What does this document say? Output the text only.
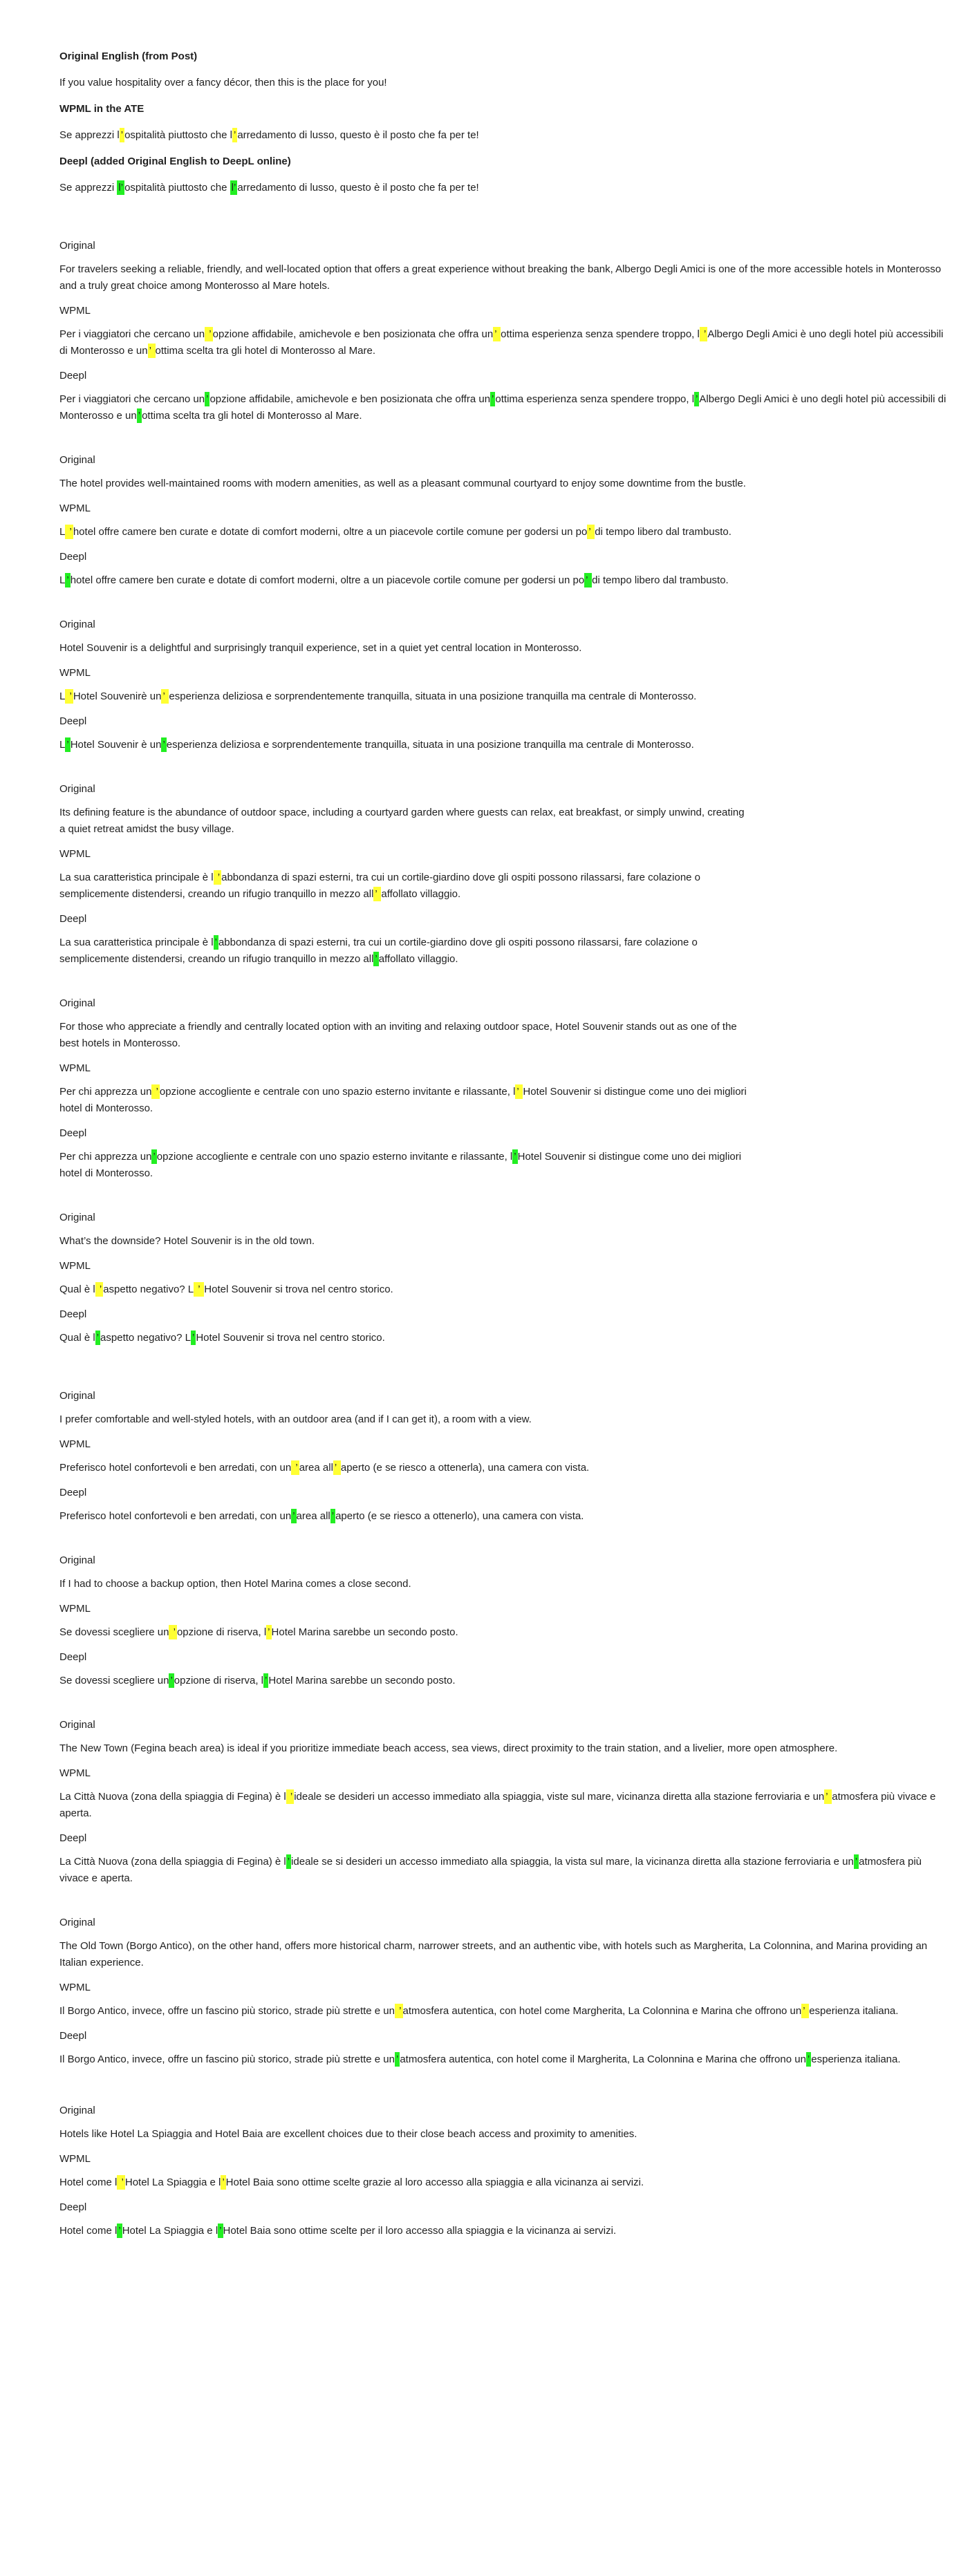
Original English (from Post)

If you value hospitality over a fancy décor, then this is the place for you!

WPML in the ATE

Se apprezzi l ’ ospitalità piuttosto che l ’ arredamento di lusso, questo è il posto che fa per te!

Deepl (added Original English to DeepL online)

Se apprezzi l’ ospitalità piuttosto che l’ arredamento di lusso, questo è il posto che fa per te!

Original

For travelers seeking a reliable, friendly, and well-located option that offers a great experience without breaking the bank, Albergo Degli Amici is one of the more accessible hotels in Monterosso and a truly great choice among Monterosso al Mare hotels.

WPML

Per i viaggiatori che cercano un ’ opzione affidabile, amichevole e ben posizionata che offra un ’ ottima esperienza senza spendere troppo, l ’ Albergo Degli Amici è uno degli hotel più accessibili di Monterosso e un ’ ottima scelta tra gli hotel di Monterosso al Mare.

Deepl

Per i viaggiatori che cercano un ’ opzione affidabile, amichevole e ben posizionata che offra un ’ ottima esperienza senza spendere troppo, l ’ Albergo Degli Amici è uno degli hotel più accessibili di Monterosso e un ’ ottima scelta tra gli hotel di Monterosso al Mare.

Original

The hotel provides well-maintained rooms with modern amenities, as well as a pleasant communal courtyard to enjoy some downtime from the bustle.

WPML

L ’ hotel offre camere ben curate e dotate di comfort moderni, oltre a un piacevole cortile comune per godersi un po ’ di tempo libero dal trambusto.

Deepl

L ’ hotel offre camere ben curate e dotate di comfort moderni, oltre a un piacevole cortile comune per godersi un po ’ di tempo libero dal trambusto.

Original

Hotel Souvenir is a delightful and surprisingly tranquil experience, set in a quiet yet central location in Monterosso.

WPML

L ’ Hotel Souvenirè un ’ esperienza deliziosa e sorprendentemente tranquilla, situata in una posizione tranquilla ma centrale di Monterosso.

Deepl

L ’ Hotel Souvenir è un ’ esperienza deliziosa e sorprendentemente tranquilla, situata in una posizione tranquilla ma centrale di Monterosso.

Original

Its defining feature is the abundance of outdoor space, including a courtyard garden where guests can relax, eat breakfast, or simply unwind, creating a quiet retreat amidst the busy village.

WPML

La sua caratteristica principale è l ’ abbondanza di spazi esterni, tra cui un cortile-giardino dove gli ospiti possono rilassarsi, fare colazione o semplicemente distendersi, creando un rifugio tranquillo in mezzo all ’ affollato villaggio.

Deepl

La sua caratteristica principale è l ’ abbondanza di spazi esterni, tra cui un cortile-giardino dove gli ospiti possono rilassarsi, fare colazione o semplicemente distendersi, creando un rifugio tranquillo in mezzo all ’ affollato villaggio.

Original

For those who appreciate a friendly and centrally located option with an inviting and relaxing outdoor space, Hotel Souvenir stands out as one of the best hotels in Monterosso.

WPML

Per chi apprezza un ’ opzione accogliente e centrale con uno spazio esterno invitante e rilassante, l ’ Hotel Souvenir si distingue come uno dei migliori hotel di Monterosso.

Deepl

Per chi apprezza un ’ opzione accogliente e centrale con uno spazio esterno invitante e rilassante, l ’ Hotel Souvenir si distingue come uno dei migliori hotel di Monterosso.

Original

What’s the downside? Hotel Souvenir is in the old town.

WPML

Qual è l ’ aspetto negativo? L ’ Hotel Souvenir si trova nel centro storico.

Deepl

Qual è l ’ aspetto negativo? L ’ Hotel Souvenir si trova nel centro storico.

Original

I prefer comfortable and well-styled hotels, with an outdoor area (and if I can get it), a room with a view.

WPML

Preferisco hotel confortevoli e ben arredati, con un ’ area all ’ aperto (e se riesco a ottenerla), una camera con vista.

Deepl

Preferisco hotel confortevoli e ben arredati, con un ’ area all ’ aperto (e se riesco a ottenerlo), una camera con vista.

Original

If I had to choose a backup option, then Hotel Marina comes a close second.

WPML

Se dovessi scegliere un ’ opzione di riserva, l ’ Hotel Marina sarebbe un secondo posto.

Deepl

Se dovessi scegliere un ’ opzione di riserva, l ’ Hotel Marina sarebbe un secondo posto.

Original

The New Town (Fegina beach area) is ideal if you prioritize immediate beach access, sea views, direct proximity to the train station, and a livelier, more open atmosphere.

WPML

La Città Nuova (zona della spiaggia di Fegina) è l ’ ideale se desideri un accesso immediato alla spiaggia, viste sul mare, vicinanza diretta alla stazione ferroviaria e un ’ atmosfera più vivace e aperta.

Deepl

La Città Nuova (zona della spiaggia di Fegina) è l ’ ideale se si desideri un accesso immediato alla spiaggia, la vista sul mare, la vicinanza diretta alla stazione ferroviaria e un ’ atmosfera più vivace e aperta.

Original

The Old Town (Borgo Antico), on the other hand, offers more historical charm, narrower streets, and an authentic vibe, with hotels such as Margherita, La Colonnina, and Marina providing an Italian experience.

WPML

Il Borgo Antico, invece, offre un fascino più storico, strade più strette e un ’ atmosfera autentica, con hotel come Margherita, La Colonnina e Marina che offrono un ’ esperienza italiana.

Deepl

Il Borgo Antico, invece, offre un fascino più storico, strade più strette e un ’ atmosfera autentica, con hotel come il Margherita, La Colonnina e Marina che offrono un ’ esperienza italiana.

Original

Hotels like Hotel La Spiaggia and Hotel Baia are excellent choices due to their close beach access and proximity to amenities.

WPML

Hotel come l ’ Hotel La Spiaggia e l ’ Hotel Baia sono ottime scelte grazie al loro accesso alla spiaggia e alla vicinanza ai servizi.

Deepl

Hotel come l ’ Hotel La Spiaggia e l ’ Hotel Baia sono ottime scelte per il loro accesso alla spiaggia e la vicinanza ai servizi.
